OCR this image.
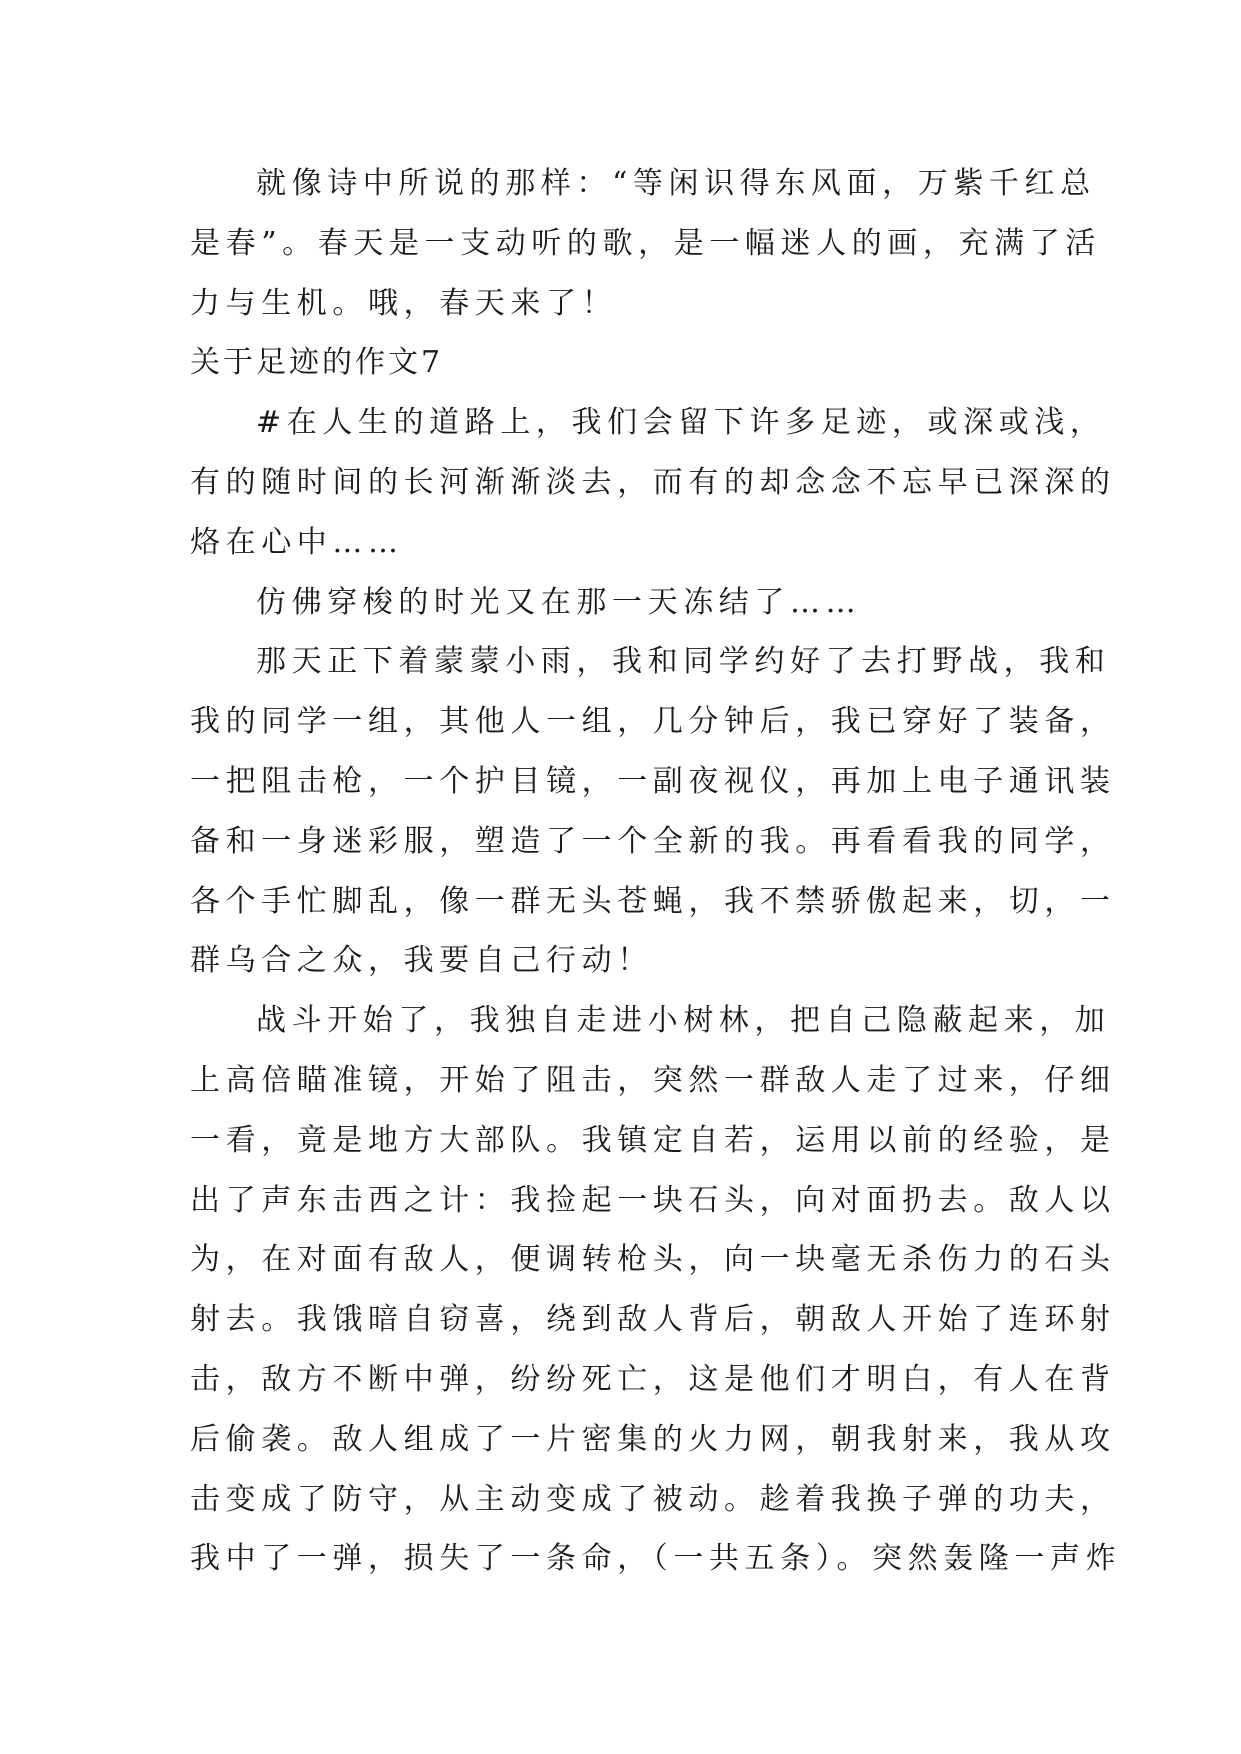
就像诗中所说的那样：“等闲识得东风面，万紫千红总
是春”。春天是一支动听的歌，是一幅迷人的画，充满了活
力与生机。哦，春天来了！
关于足迹的作文7
#在人生的道路上，我们会留下许多足迹，或深或浅，
有的随时间的长河渐渐淡去，而有的却念念不忘早已深深的
烙在心中……
仿佛穿梭的时光又在那一天冻结了……
那天正下着蒙蒙小雨，我和同学约好了去打野战，我和
我的同学一组，其他人一组，几分钟后，我已穿好了装备，
一把阻击枪，一个护目镜，一副夜视仪，再加上电子通讯装
备和一身迷彩服，塑造了一个全新的我。再看看我的同学，
各个手忙脚乱，像一群无头苍蝇，我不禁骄傲起来，切，一
群乌合之众，我要自己行动！
战斗开始了，我独自走进小树林，把自己隐蔽起来，加
上高倍瞄准镜，开始了阻击，突然一群敌人走了过来，仔细
一看，竟是地方大部队。我镇定自若，运用以前的经验，是
出了声东击西之计：我捡起一块石头，向对面扔去。敌人以
为，在对面有敌人，便调转枪头，向一块毫无杀伤力的石头
射去。我饿暗自窃喜，绕到敌人背后，朝敌人开始了连环射
击，敌方不断中弹，纷纷死亡，这是他们才明白，有人在背
后偷袭。敌人组成了一片密集的火力网，朝我射来，我从攻
击变成了防守，从主动变成了被动。趁着我换子弹的功夫，
我中了一弹，损失了一条命，（一共五条）。突然轰隆一声炸
